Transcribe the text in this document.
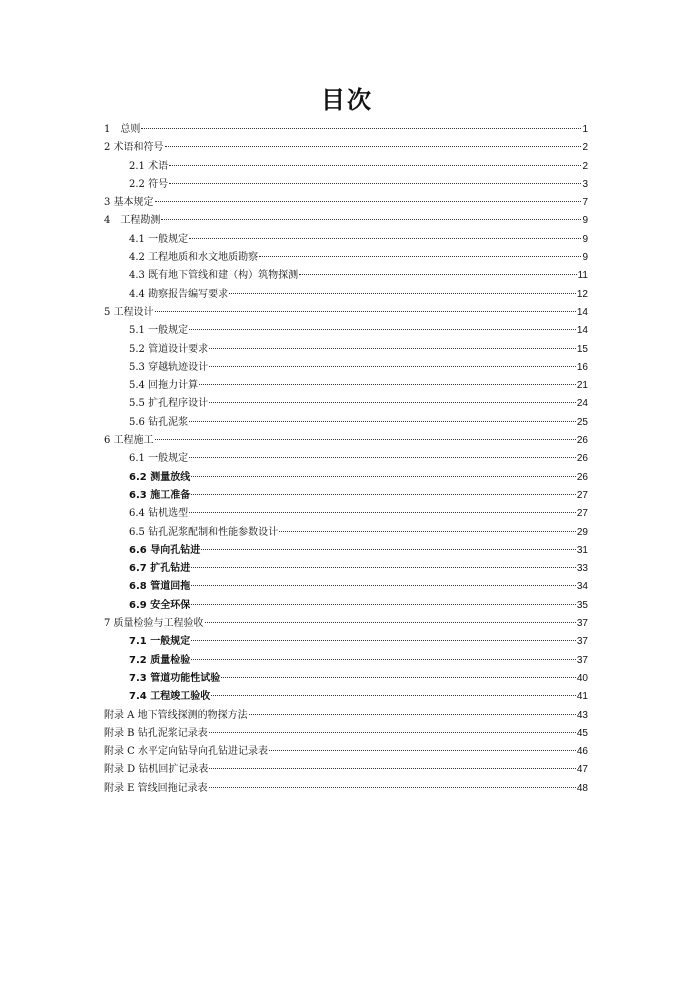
目次
1　总则	1
2 术语和符号	2
2.1 术语	2
2.2 符号	3
3 基本规定	7
4　工程勘测	9
4.1 一般规定	9
4.2 工程地质和水文地质勘察	9
4.3 既有地下管线和建（构）筑物探测	11
4.4 勘察报告编写要求	12
5 工程设计	14
5.1 一般规定	14
5.2 管道设计要求	15
5.3 穿越轨迹设计	16
5.4 回拖力计算	21
5.5 扩孔程序设计	24
5.6 钻孔泥浆	25
6 工程施工	26
6.1 一般规定	26
6.2 测量放线	26
6.3 施工准备	27
6.4 钻机选型	27
6.5 钻孔泥浆配制和性能参数设计	29
6.6 导向孔钻进	31
6.7 扩孔钻进	33
6.8 管道回拖	34
6.9 安全环保	35
7 质量检验与工程验收	37
7.1 一般规定	37
7.2 质量检验	37
7.3 管道功能性试验	40
7.4 工程竣工验收	41
附录 A 地下管线探测的物探方法	43
附录 B 钻孔泥浆记录表	45
附录 C 水平定向钻导向孔钻进记录表	46
附录 D 钻机回扩记录表	47
附录 E 管线回拖记录表	48
